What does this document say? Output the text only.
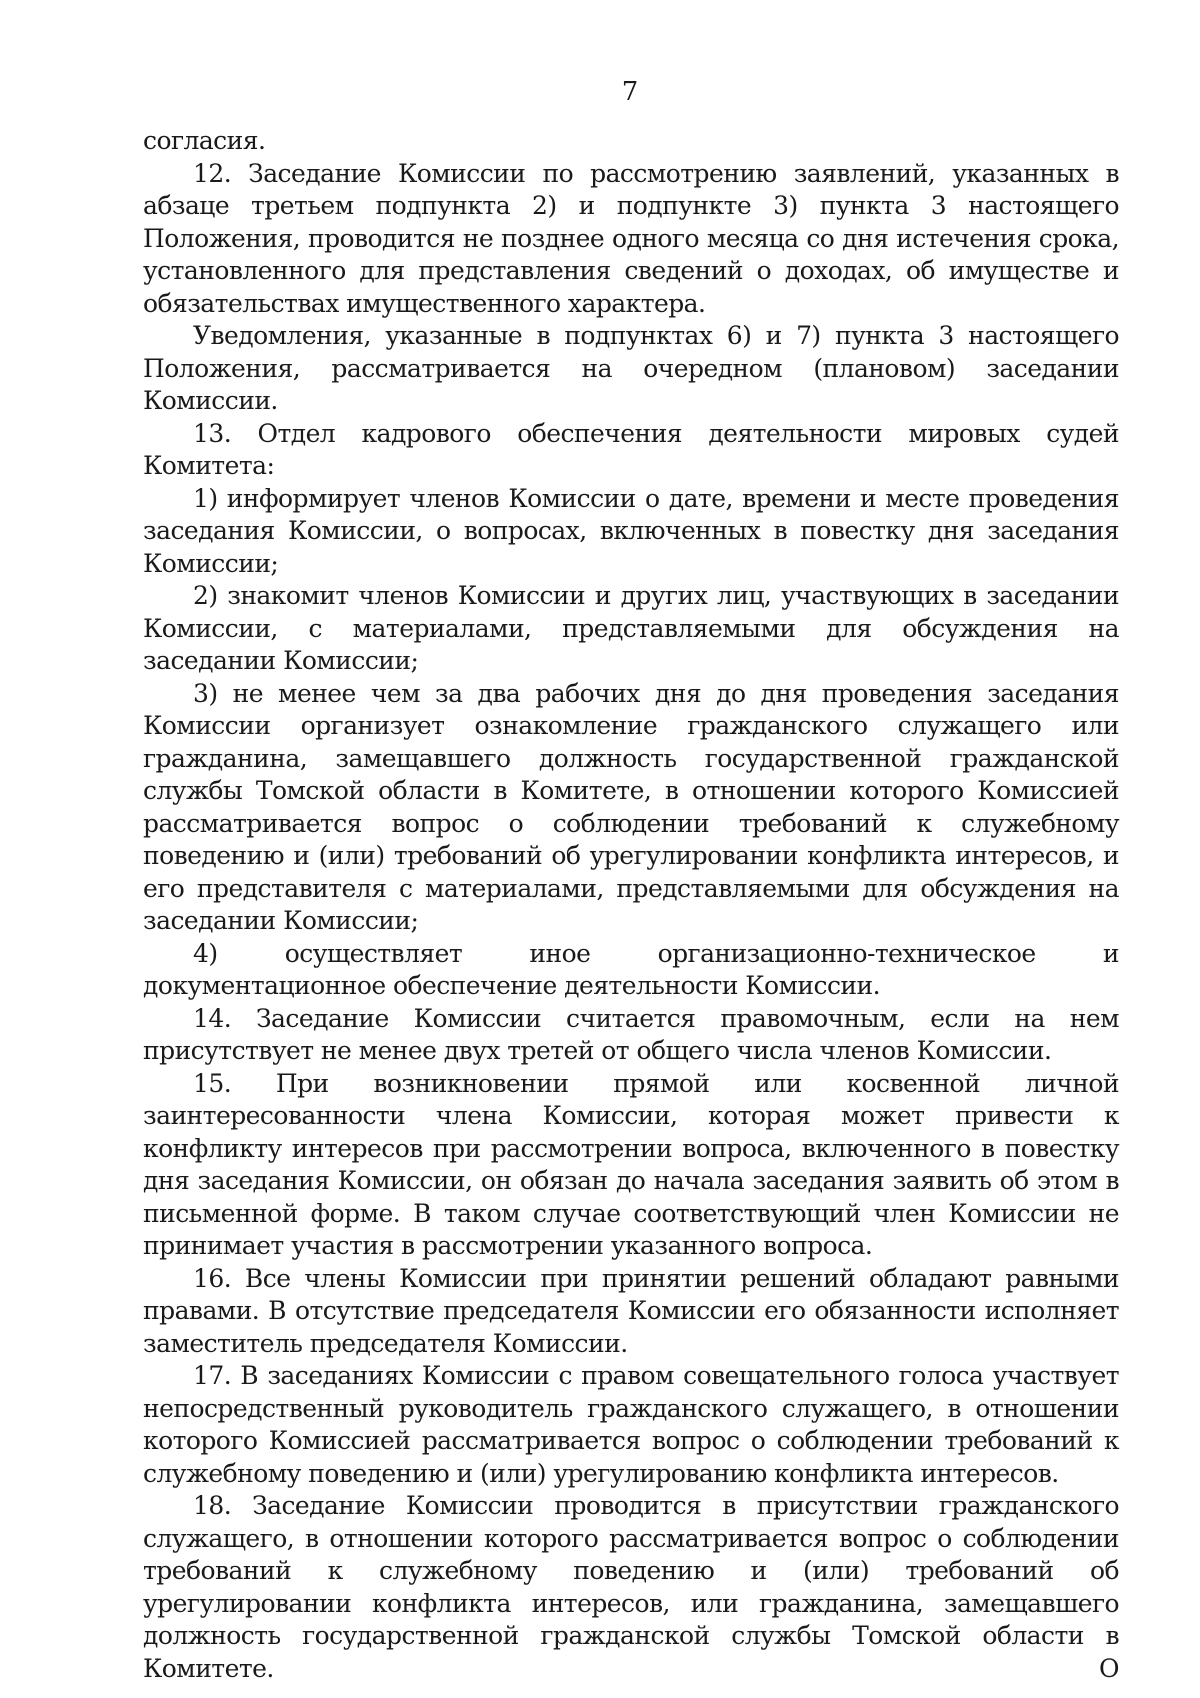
7

согласия.

12. Заседание Комиссии по рассмотрению заявлений, указанных в абзаце третьем подпункта 2) и подпункте 3) пункта 3 настоящего Положения, проводится не позднее одного месяца со дня истечения срока, установленного для представления сведений о доходах, об имуществе и обязательствах имущественного характера.

Уведомления, указанные в подпунктах 6) и 7) пункта 3 настоящего Положения, рассматривается на очередном (плановом) заседании Комиссии.

13. Отдел кадрового обеспечения деятельности мировых судей Комитета:

1) информирует членов Комиссии о дате, времени и месте проведения заседания Комиссии, о вопросах, включенных в повестку дня заседания Комиссии;

2) знакомит членов Комиссии и других лиц, участвующих в заседании Комиссии, с материалами, представляемыми для обсуждения на заседании Комиссии;

3) не менее чем за два рабочих дня до дня проведения заседания Комиссии организует ознакомление гражданского служащего или гражданина, замещавшего должность государственной гражданской службы Томской области в Комитете, в отношении которого Комиссией рассматривается вопрос о соблюдении требований к служебному поведению и (или) требований об урегулировании конфликта интересов, и его представителя с материалами, представляемыми для обсуждения на заседании Комиссии;

4) осуществляет иное организационно-техническое и документационное обеспечение деятельности Комиссии.

14. Заседание Комиссии считается правомочным, если на нем присутствует не менее двух третей от общего числа членов Комиссии.

15. При возникновении прямой или косвенной личной заинтересованности члена Комиссии, которая может привести к конфликту интересов при рассмотрении вопроса, включенного в повестку дня заседания Комиссии, он обязан до начала заседания заявить об этом в письменной форме. В таком случае соответствующий член Комиссии не принимает участия в рассмотрении указанного вопроса.

16. Все члены Комиссии при принятии решений обладают равными правами. В отсутствие председателя Комиссии его обязанности исполняет заместитель председателя Комиссии.

17. В заседаниях Комиссии с правом совещательного голоса участвует непосредственный руководитель гражданского служащего, в отношении которого Комиссией рассматривается вопрос о соблюдении требований к служебному поведению и (или) урегулированию конфликта интересов.

18. Заседание Комиссии проводится в присутствии гражданского служащего, в отношении которого рассматривается вопрос о соблюдении требований к служебному поведению и (или) требований об урегулировании конфликта интересов, или гражданина, замещавшего должность государственной гражданской службы Томской области в Комитете. О
